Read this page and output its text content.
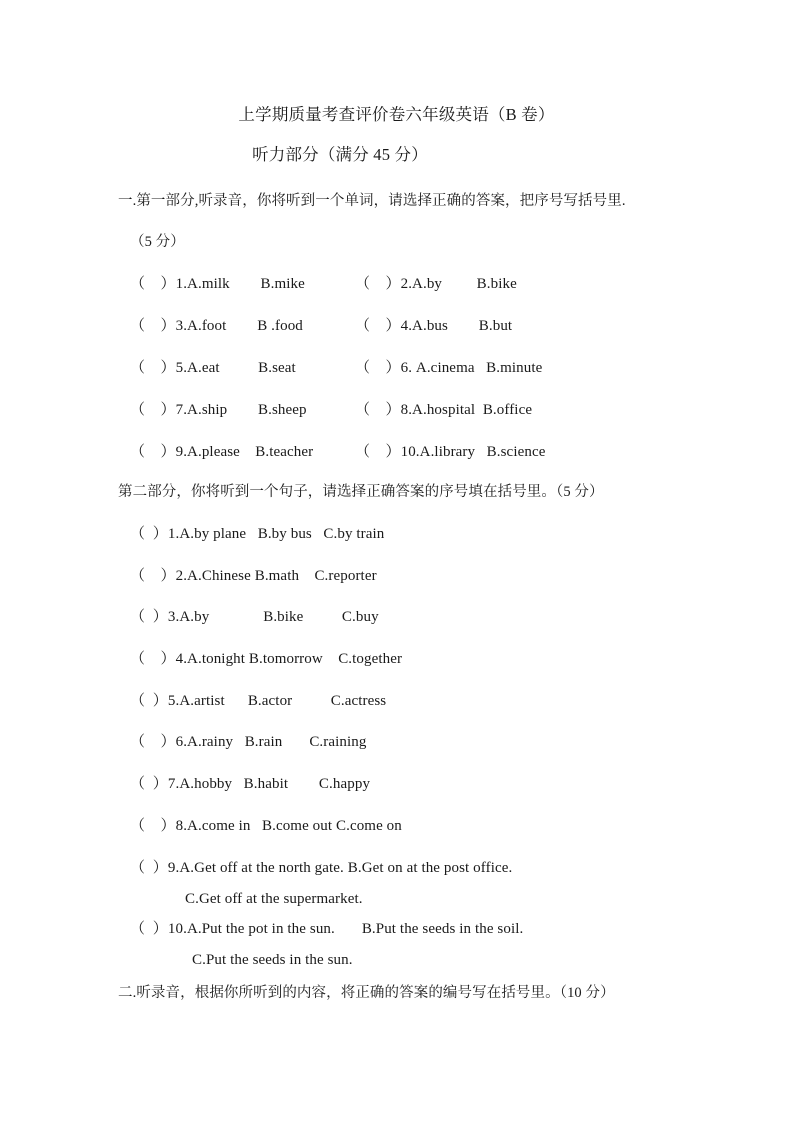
上学期质量考查评价卷六年级英语（B 卷）
听力部分（满分 45 分）
一.第一部分,听录音，你将听到一个单词，请选择正确的答案，把序号写括号里.
（5 分）
（    ）1.A.milk        B.mike	（    ）2.A.by         B.bike
（    ）3.A.foot        B .food	（    ）4.A.bus        B.but
（    ）5.A.eat          B.seat	（    ）6. A.cinema   B.minute
（    ）7.A.ship        B.sheep	（    ）8.A.hospital  B.office
（    ）9.A.please    B.teacher	（    ）10.A.library   B.science
第二部分，你将听到一个句子，请选择正确答案的序号填在括号里。（5 分）
（  ）1.A.by plane   B.by bus   C.by train
（    ）2.A.Chinese B.math    C.reporter
（  ）3.A.by              B.bike          C.buy
（    ）4.A.tonight B.tomorrow    C.together
（  ）5.A.artist      B.actor          C.actress
（    ）6.A.rainy   B.rain       C.raining
（  ）7.A.hobby   B.habit        C.happy
（    ）8.A.come in   B.come out C.come on
（  ）9.A.Get off at the north gate. B.Get on at the post office.
C.Get off at the supermarket.
（  ）10.A.Put the pot in the sun.       B.Put the seeds in the soil.
C.Put the seeds in the sun.
二.听录音，根据你所听到的内容，将正确的答案的编号写在括号里。（10 分）
